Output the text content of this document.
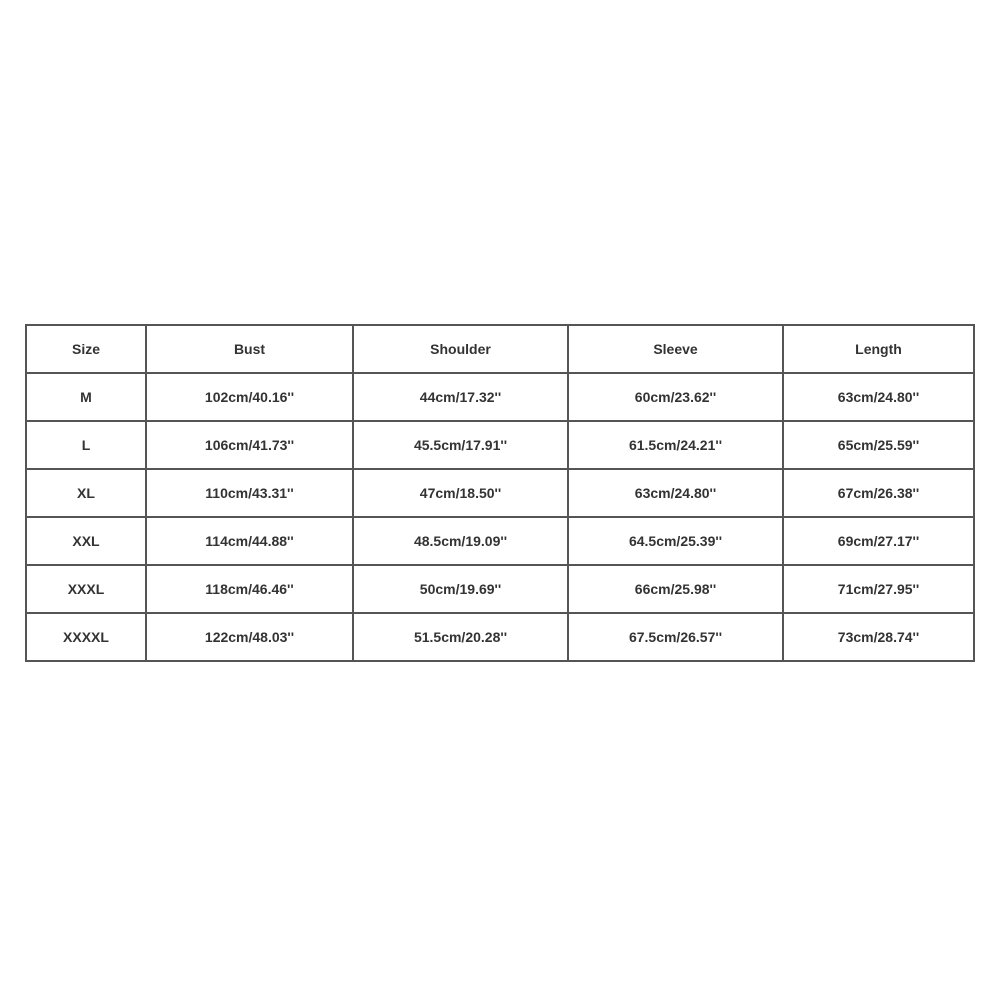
Size	Bust	Shoulder	Sleeve	Length
M	102cm/40.16''	44cm/17.32''	60cm/23.62''	63cm/24.80''
L	106cm/41.73''	45.5cm/17.91''	61.5cm/24.21''	65cm/25.59''
XL	110cm/43.31''	47cm/18.50''	63cm/24.80''	67cm/26.38''
XXL	114cm/44.88''	48.5cm/19.09''	64.5cm/25.39''	69cm/27.17''
XXXL	118cm/46.46''	50cm/19.69''	66cm/25.98''	71cm/27.95''
XXXXL	122cm/48.03''	51.5cm/20.28''	67.5cm/26.57''	73cm/28.74''
